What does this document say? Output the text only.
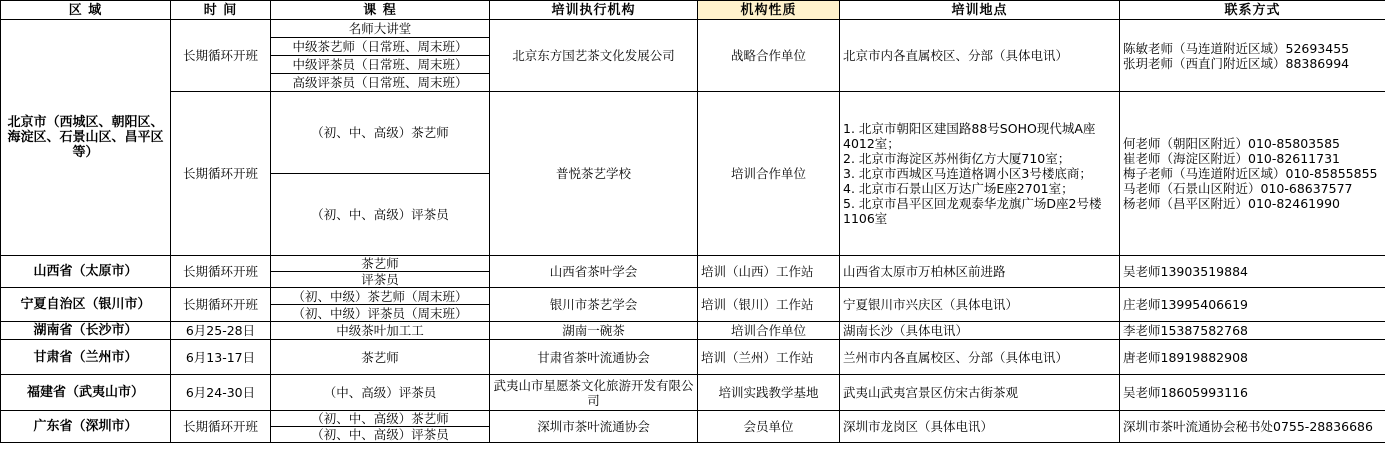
区 域	时 间	课 程	培训执行机构	机构性质	培训地点	联系方式
北京市（西城区、朝阳区、海淀区、石景山区、昌平区等）	长期循环开班	名师大讲堂	北京东方国艺茶文化发展公司	战略合作单位	北京市内各直属校区、分部（具体电讯）	陈敏老师（马连道附近区域）52693455
张玥老师（西直门附近区域）88386994
		中级茶艺师（日常班、周末班）				
		中级评茶员（日常班、周末班）				
		高级评茶员（日常班、周末班）				
	长期循环开班	（初、中、高级）茶艺师	普悦茶艺学校	培训合作单位	1. 北京市朝阳区建国路88号SOHO现代城A座4012室；
2. 北京市海淀区苏州街亿方大厦710室；
3. 北京市西城区马连道格调小区3号楼底商；
4. 北京市石景山区万达广场E座2701室；
5. 北京市昌平区回龙观泰华龙旗广场D座2号楼1106室	何老师（朝阳区附近）010-85803585
崔老师（海淀区附近）010-82611731
梅子老师（马连道附近区域）010-85855855
马老师（石景山区附近）010-68637577
杨老师（昌平区附近）010-82461990
		（初、中、高级）评茶员				
山西省（太原市）	长期循环开班	茶艺师	山西省茶叶学会	培训（山西）工作站	山西省太原市万柏林区前进路	吴老师13903519884
		评茶员				
宁夏自治区（银川市）	长期循环开班	（初、中级）茶艺师（周末班）	银川市茶艺学会	培训（银川）工作站	宁夏银川市兴庆区（具体电讯）	庄老师13995406619
		（初、中级）评茶员（周末班）				
湖南省（长沙市）	6月25-28日	中级茶叶加工工	湖南一碗茶	培训合作单位	湖南长沙（具体电讯）	李老师15387582768
甘肃省（兰州市）	6月13-17日	茶艺师	甘肃省茶叶流通协会	培训（兰州）工作站	兰州市内各直属校区、分部（具体电讯）	唐老师18919882908
福建省（武夷山市）	6月24-30日	（中、高级）评茶员	武夷山市星愿茶文化旅游开发有限公司	培训实践教学基地	武夷山武夷宫景区仿宋古街茶观	吴老师18605993116
广东省（深圳市）	长期循环开班	（初、中、高级）茶艺师	深圳市茶叶流通协会	会员单位	深圳市龙岗区（具体电讯）	深圳市茶叶流通协会秘书处0755-28836686
		（初、中、高级）评茶员				
